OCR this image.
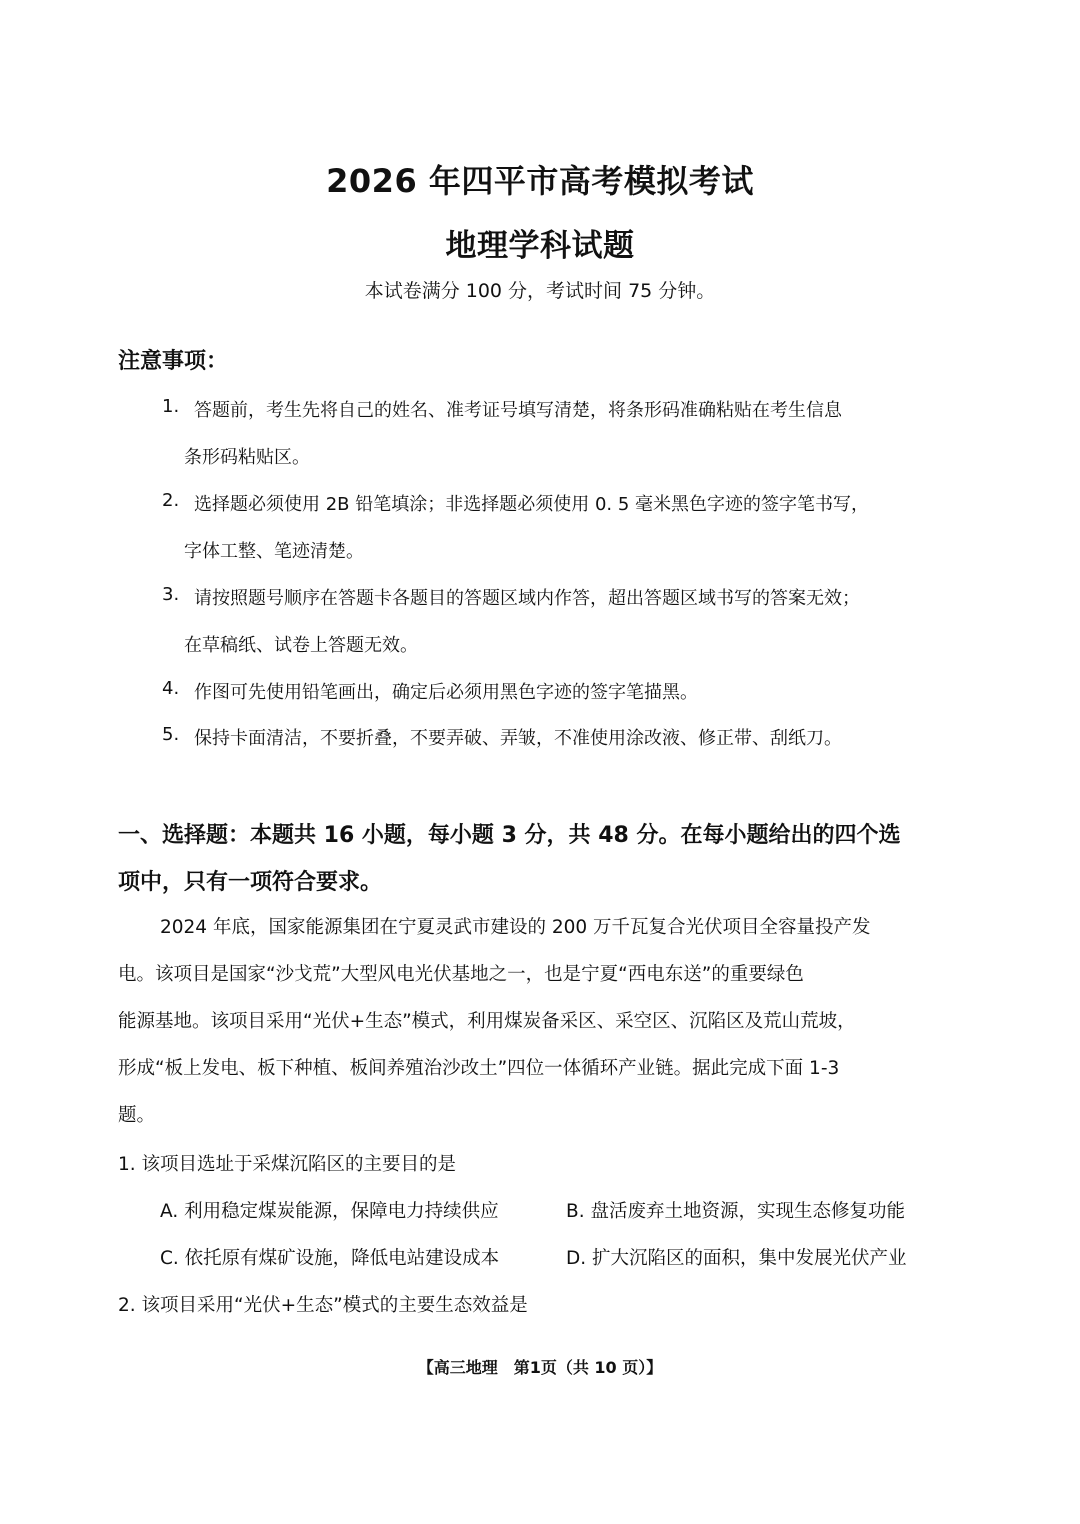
2026 年四平市高考模拟考试
地理学科试题
本试卷满分 100 分，考试时间 75 分钟。
注意事项：
1. 答题前，考生先将自己的姓名、准考证号填写清楚，将条形码准确粘贴在考生信息
条形码粘贴区。
2. 选择题必须使用 2B 铅笔填涂；非选择题必须使用 0. 5 毫米黑色字迹的签字笔书写，
字体工整、笔迹清楚。
3. 请按照题号顺序在答题卡各题目的答题区域内作答，超出答题区域书写的答案无效；
在草稿纸、试卷上答题无效。
4. 作图可先使用铅笔画出，确定后必须用黑色字迹的签字笔描黑。
5. 保持卡面清洁，不要折叠，不要弄破、弄皱，不准使用涂改液、修正带、刮纸刀。
一、选择题：本题共 16 小题，每小题 3 分，共 48 分。在每小题给出的四个选
项中，只有一项符合要求。
2024 年底，国家能源集团在宁夏灵武市建设的 200 万千瓦复合光伏项目全容量投产发
电。该项目是国家“沙戈荒”大型风电光伏基地之一，也是宁夏“西电东送”的重要绿色
能源基地。该项目采用“光伏+生态”模式，利用煤炭备采区、采空区、沉陷区及荒山荒坡，
形成“板上发电、板下种植、板间养殖治沙改土”四位一体循环产业链。据此完成下面 1-3
题。
1. 该项目选址于采煤沉陷区的主要目的是
A. 利用稳定煤炭能源，保障电力持续供应	B. 盘活废弃土地资源，实现生态修复功能
C. 依托原有煤矿设施，降低电站建设成本	D. 扩大沉陷区的面积，集中发展光伏产业
2. 该项目采用“光伏+生态”模式的主要生态效益是
【高三地理　第1页（共 10 页）】
